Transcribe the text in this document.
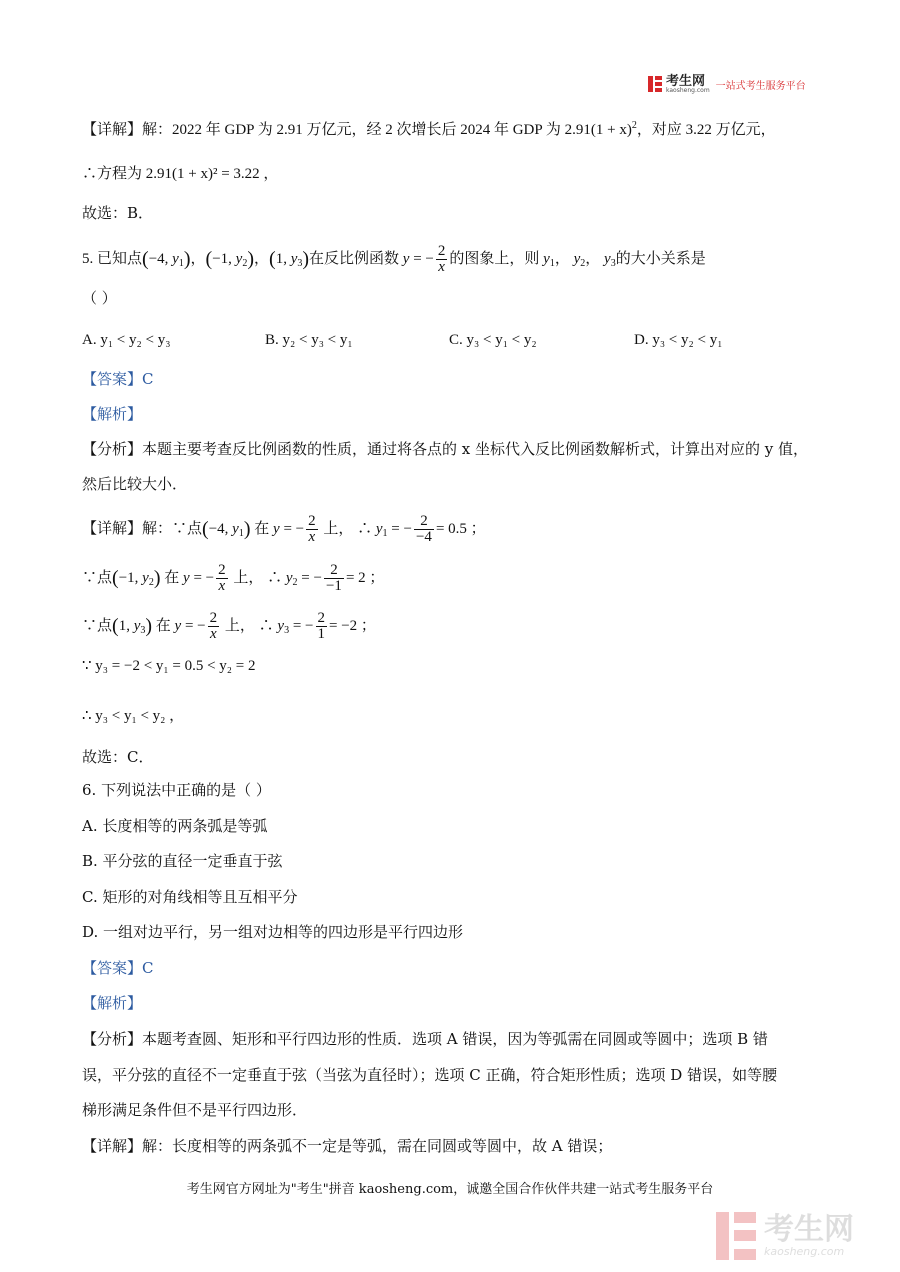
考生网
kaosheng.com 一站式考生服务平台
【详解】解：2022 年 GDP 为 2.91 万亿元，经 2 次增长后 2024 年 GDP 为 $2.91(1 + x)^2$，对应 3.22 万亿元，
∴方程为 2.91(1 + x)² = 3.22 ，
故选：B．
5. 已知点(−4, $y_1$)，(−1, $y_2$)，(1, $y_3$)在反比例函数 y = − $\frac{2}{x}$ 的图象上，则 $y_1$， $y_2$， $y_3$的大小关系是
（ ）
A. y₁ < y₂ < y₃	B. y₂ < y₃ < y₁	C. y₃ < y₁ < y₂	D. y₃ < y₂ < y₁
【答案】C
【解析】
【分析】本题主要考查反比例函数的性质，通过将各点的 x 坐标代入反比例函数解析式，计算出对应的 y 值，
然后比较大小．
【详解】解：∵点(−4, $y_1$) 在 y = − $\frac{2}{x}$ 上， ∴ $y_1$ = − $\frac{2}{-4} = 0.5$ ；
∵点(−1, $y_2$) 在 y = − $\frac{2}{x}$ 上， ∴ $y_2$ = − $\frac{2}{-1} = 2$ ；
∵点(1, $y_3$) 在 y = − $\frac{2}{x}$ 上， ∴ $y_3$ = − $\frac{2}{1} = -2$ ；
∵ y₃ = −2 < y₁ = 0.5 < y₂ = 2
∴ y₃ < y₁ < y₂ ，
故选：C．
6. 下列说法中正确的是（ ）
A. 长度相等的两条弧是等弧
B. 平分弦的直径一定垂直于弦
C. 矩形的对角线相等且互相平分
D. 一组对边平行，另一组对边相等的四边形是平行四边形
【答案】C
【解析】
【分析】本题考查圆、矩形和平行四边形的性质．选项 A 错误，因为等弧需在同圆或等圆中；选项 B 错
误，平分弦的直径不一定垂直于弦（当弦为直径时）；选项 C 正确，符合矩形性质；选项 D 错误，如等腰
梯形满足条件但不是平行四边形．
【详解】解：长度相等的两条弧不一定是等弧，需在同圆或等圆中，故 A 错误；
考生网官方网址为"考生"拼音 kaosheng.com，诚邀全国合作伙伴共建一站式考生服务平台
考生网
kaosheng.com
